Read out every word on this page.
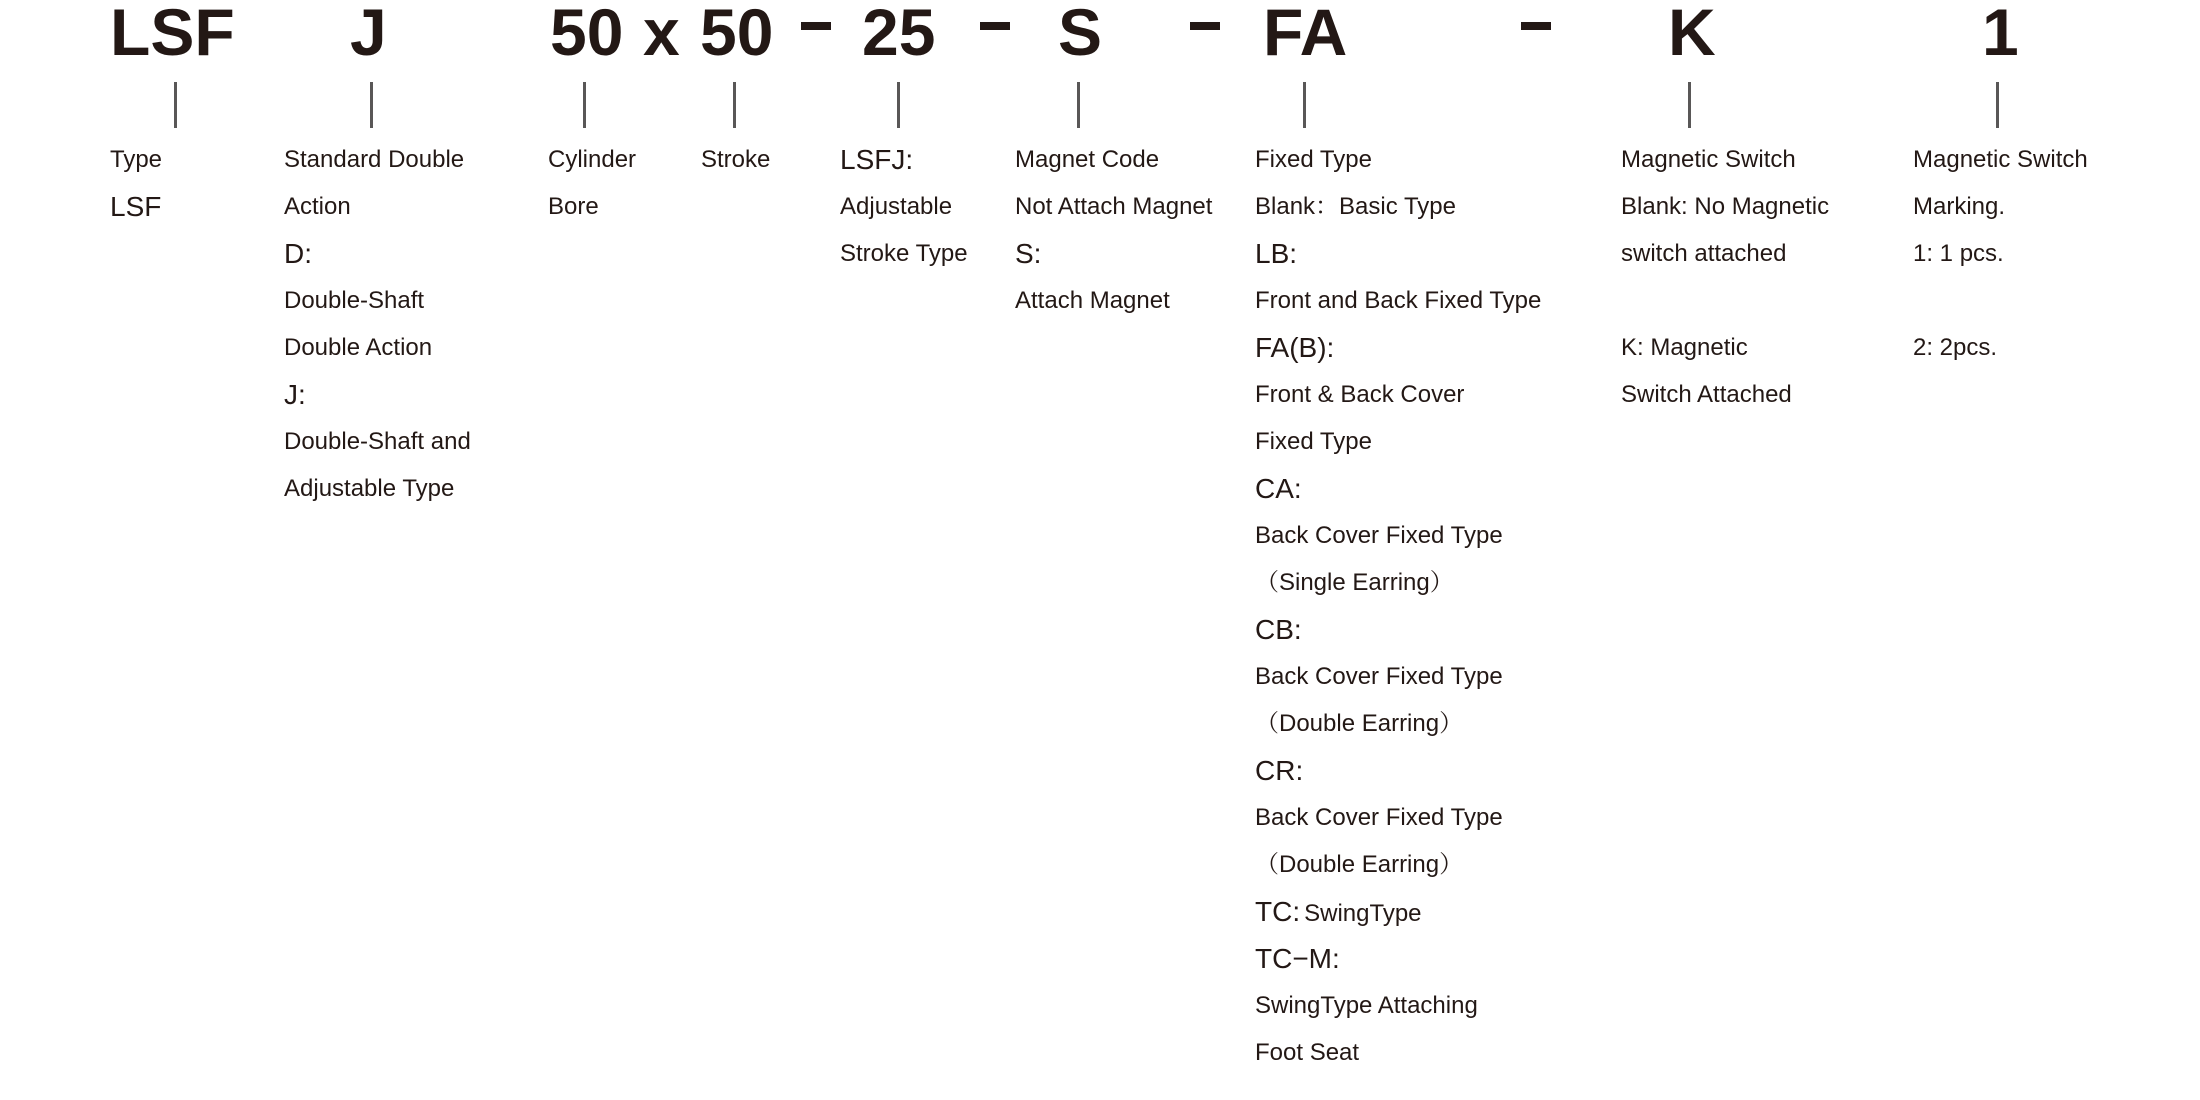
LSF J 50 x 50 25 S FA	K	1
Type
LSF
Standard Double
Action
D:
Double-Shaft
Double Action
J:
Double-Shaft and
Adjustable Type
Cylinder
Bore
Stroke LSFJ:
Adjustable
Stroke Type
Magnet Code
Not Attach Magnet
S:
Attach Magnet
Fixed Type
Blank：Basic Type
LB:
Front and Back Fixed Type
FA(B):
Front & Back Cover
Fixed Type
CA:
Back Cover Fixed Type
（Single Earring）
CB:
Back Cover Fixed Type
（Double Earring）
CR:
Back Cover Fixed Type
（Double Earring）
TC: SwingType
TC−M:
SwingType Attaching
Foot Seat
Magnetic Switch
Blank: No Magnetic
switch attached
K: Magnetic
Switch Attached
Magnetic Switch
Marking.
1: 1 pcs.
2: 2pcs.
